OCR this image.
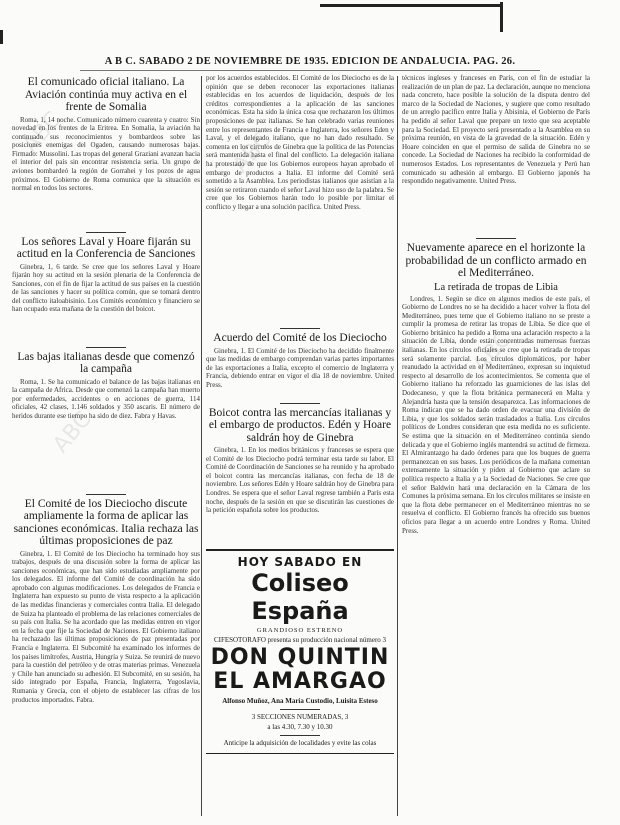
A B C. SABADO 2 DE NOVIEMBRE DE 1935. EDICION DE ANDALUCIA. PAG. 26.
El comunicado oficial italiano. La Aviación continúa muy activa en el frente de Somalia

Roma, 1, 14 noche. Comunicado número cuarenta y cuatro: Sin novedad en los frentes de la Eritrea. En Somalia, la aviación ha continuado sus reconocimientos y bombardeos sobre las posiciones enemigas del Ogaden, causando numerosas bajas. Firmado: Mussolini. Las tropas del general Graziani avanzan hacia el interior del país sin encontrar resistencia seria. Un grupo de aviones bombardeó la región de Gorrahei y los pozos de agua próximos. El Gobierno de Roma comunica que la situación es normal en todos los sectores.

Los señores Laval y Hoare fijarán su actitud en la Conferencia de Sanciones

Ginebra, 1, 6 tarde. Se cree que los señores Laval y Hoare fijarán hoy su actitud en la sesión plenaria de la Conferencia de Sanciones, con el fin de fijar la actitud de sus países en la cuestión de las sanciones y hacer su política común, que se tomará dentro del conflicto italoabisinio. Los Comités económico y financiero se han ocupado esta mañana de la cuestión del boicot.

Las bajas italianas desde que comenzó la campaña

Roma, 1. Se ha comunicado el balance de las bajas italianas en la campaña de Africa. Desde que comenzó la campaña han muerto por enfermedades, accidentes o en acciones de guerra, 114 oficiales, 42 clases, 1.146 soldados y 350 ascaris. El número de heridos durante ese tiempo ha sido de diez. Fabra y Havas.

El Comité de los Dieciocho discute ampliamente la forma de aplicar las sanciones económicas. Italia rechaza las últimas proposiciones de paz

Ginebra, 1. El Comité de los Dieciocho ha terminado hoy sus trabajos, después de una discusión sobre la forma de aplicar las sanciones económicas, que han sido estudiadas ampliamente por los delegados. El informe del Comité de coordinación ha sido aprobado con algunas modificaciones. Los delegados de Francia e Inglaterra han expuesto su punto de vista respecto a la aplicación de las medidas financieras y comerciales contra Italia. El delegado de Suiza ha planteado el problema de las relaciones comerciales de su país con Italia. Se ha acordado que las medidas entren en vigor en la fecha que fije la Sociedad de Naciones. El Gobierno italiano ha rechazado las últimas proposiciones de paz presentadas por Francia e Inglaterra. El Subcomité ha examinado los informes de los países limítrofes, Austria, Hungría y Suiza. Se reunirá de nuevo para la cuestión del petróleo y de otras materias primas. Venezuela y Chile han anunciado su adhesión. El Subcomité, en su sesión, ha sido integrado por España, Francia, Inglaterra, Yugoslavia, Rumania y Grecia, con el objeto de establecer las cifras de los productos importados. Fabra.

por los acuerdos establecidos. El Comité de los Dieciocho es de la opinión que se deben reconocer las exportaciones italianas establecidas en los acuerdos de liquidación, después de los créditos correspondientes a la aplicación de las sanciones económicas. Esta ha sido la única cosa que rechazaron los últimos proposiciones de paz italianas. Se han celebrado varias reuniones entre los representantes de Francia e Inglaterra, los señores Eden y Laval, y el delegado italiano, que no han dado resultado. Se comenta en los círculos de Ginebra que la política de las Potencias será mantenida hasta el final del conflicto. La delegación italiana ha protestado de que los Gobiernos europeos hayan aprobado el embargo de productos a Italia. El informe del Comité será sometido a la Asamblea. Los periodistas italianos que asistían a la sesión se retiraron cuando el señor Laval hizo uso de la palabra. Se cree que los Gobiernos harán todo lo posible por limitar el conflicto y llegar a una solución pacífica. United Press.

Acuerdo del Comité de los Dieciocho

Ginebra, 1. El Comité de los Dieciocho ha decidido finalmente que las medidas de embargo comprendan varias partes importantes de las exportaciones a Italia, excepto el comercio de Inglaterra y Francia, debiendo entrar en vigor el día 18 de noviembre. United Press.

Boicot contra las mercancías italianas y el embargo de productos. Edén y Hoare saldrán hoy de Ginebra

Ginebra, 1. En los medios británicos y franceses se espera que el Comité de los Dieciocho podrá terminar esta tarde su labor. El Comité de Coordinación de Sanciones se ha reunido y ha aprobado el boicot contra las mercancías italianas, con fecha de 18 de noviembre. Los señores Edén y Hoare saldrán hoy de Ginebra para Londres. Se espera que el señor Laval regrese también a París esta noche, después de la sesión en que se discutirán las cuestiones de la petición española sobre los productos.

HOY SABADO EN
Coliseo España
GRANDIOSO ESTRENO
CIFESOTORAFO presenta su producción nacional número 3
DON QUINTIN
EL AMARGAO
Alfonso Muñoz, Ana María Custodio, Luisita Esteso
3 SECCIONES NUMERADAS, 3
a las 4.30, 7.30 y 10.30
Anticipe la adquisición de localidades y evite las colas

técnicos ingleses y franceses en París, con el fin de estudiar la realización de un plan de paz. La declaración, aunque no menciona nada concreto, hace posible la solución de la disputa dentro del marco de la Sociedad de Naciones, y sugiere que como resultado de un arreglo pacífico entre Italia y Abisinia, el Gobierno de París ha pedido al señor Laval que prepare un texto que sea aceptable para la Sociedad. El proyecto será presentado a la Asamblea en su próxima reunión, en vista de la gravedad de la situación. Edén y Hoare coinciden en que el permiso de salida de Ginebra no se concede. La Sociedad de Naciones ha recibido la conformidad de numerosos Estados. Los representantes de Venezuela y Perú han comunicado su adhesión al embargo. El Gobierno japonés ha respondido negativamente. United Press.

Nuevamente aparece en el horizonte la probabilidad de un conflicto armado en el Mediterráneo.
La retirada de tropas de Libia

Londres, 1. Según se dice en algunos medios de este país, el Gobierno de Londres no se ha decidido a hacer volver la flota del Mediterráneo, pues teme que el Gobierno italiano no se preste a cumplir la promesa de retirar las tropas de Libia. Se dice que el Gobierno británico ha pedido a Roma una aclaración respecto a la situación de Libia, donde están concentradas numerosas fuerzas italianas. En los círculos oficiales se cree que la retirada de tropas será solamente parcial. Los círculos diplomáticos, por haber reanudado la actividad en el Mediterráneo, expresan su inquietud respecto al desarrollo de los acontecimientos. Se comenta que el Gobierno italiano ha reforzado las guarniciones de las islas del Dodecaneso, y que la flota británica permanecerá en Malta y Alejandría hasta que la tensión desaparezca. Las informaciones de Roma indican que se ha dado orden de evacuar una división de Libia, y que los soldados serán trasladados a Italia. Los círculos políticos de Londres consideran que esta medida no es suficiente. Se estima que la situación en el Mediterráneo continúa siendo delicada y que el Gobierno inglés mantendrá su actitud de firmeza. El Almirantazgo ha dado órdenes para que los buques de guerra permanezcan en sus bases. Los periódicos de la mañana comentan extensamente la situación y piden al Gobierno que aclare su política respecto a Italia y a la Sociedad de Naciones. Se cree que el señor Baldwin hará una declaración en la Cámara de los Comunes la próxima semana. En los círculos militares se insiste en que la flota debe permanecer en el Mediterráneo mientras no se resuelva el conflicto. El Gobierno francés ha ofrecido sus buenos oficios para llegar a un acuerdo entre Londres y Roma. United Press.

ABC	ABC
ABC
ABC
